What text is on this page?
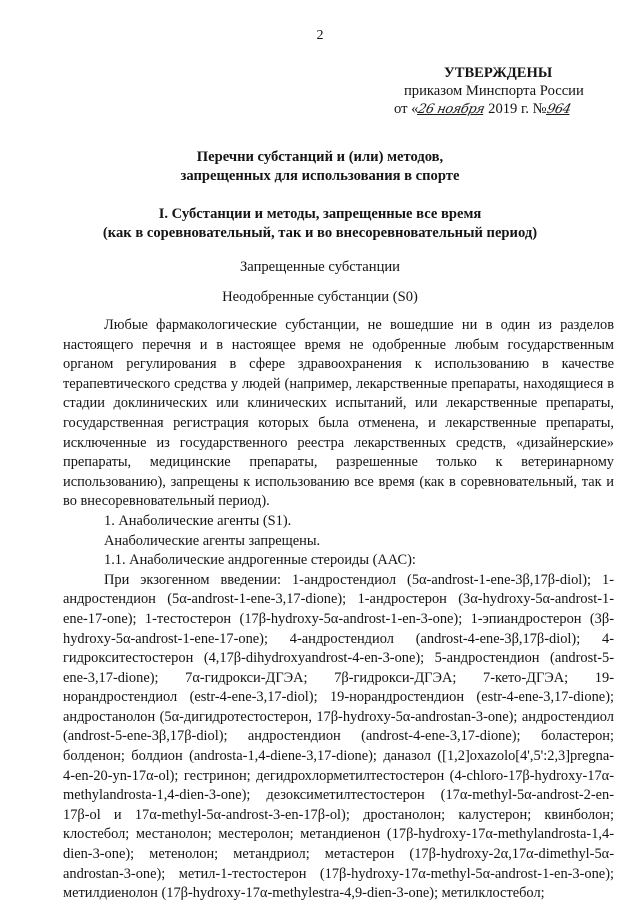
2
УТВЕРЖДЕНЫ
приказом Минспорта России
от «26 ноября 2019 г. №964
Перечни субстанций и (или) методов,
запрещенных для использования в спорте
I. Субстанции и методы, запрещенные все время
(как в соревновательный, так и во внесоревновательный период)
Запрещенные субстанции
Неодобренные субстанции (S0)

Любые фармакологические субстанции, не вошедшие ни в один из разделов настоящего перечня и в настоящее время не одобренные любым государственным органом регулирования в сфере здравоохранения к использованию в качестве терапевтического средства у людей (например, лекарственные препараты, находящиеся в стадии доклинических или клинических испытаний, или лекарственные препараты, государственная регистрация которых была отменена, и лекарственные препараты, исключенные из государственного реестра лекарственных средств, «дизайнерские» препараты, медицинские препараты, разрешенные только к ветеринарному использованию), запрещены к использованию все время (как в соревновательный, так и во внесоревновательный период).

1. Анаболические агенты (S1).

Анаболические агенты запрещены.

1.1. Анаболические андрогенные стероиды (ААС):

При экзогенном введении: 1-андростендиол (5α-androst-1-ene-3β,17β-diol); 1-андростендион (5α-androst-1-ene-3,17-dione); 1-андростерон (3α-hydroxy-5α-androst-1-ene-17-one); 1-тестостерон (17β-hydroxy-5α-androst-1-en-3-one); 1-эпиандростерон (3β-hydroxy-5α-androst-1-ene-17-one); 4-андростендиол (androst-4-ene-3β,17β-diol); 4-гидрокситестостерон (4,17β-dihydroxyandrost-4-en-3-one); 5-андростендион (androst-5-ene-3,17-dione); 7α-гидрокси-ДГЭА; 7β-гидрокси-ДГЭА; 7-кето-ДГЭА; 19-норандростендиол (estr-4-ene-3,17-diol); 19-норандростендион (estr-4-ene-3,17-dione); андростанолон (5α-дигидротестостерон, 17β-hydroxy-5α-androstan-3-one); андростендиол (androst-5-ene-3β,17β-diol); андростендион (androst-4-ene-3,17-dione); боластерон; болденон; болдион (androsta-1,4-diene-3,17-dione); даназол ([1,2]oxazolo[4',5':2,3]pregna-4-en-20-yn-17α-ol); гестринон; дегидрохлорметилтестостерон (4-chloro-17β-hydroxy-17α-methylandrosta-1,4-dien-3-one); дезоксиметилтестостерон (17α-methyl-5α-androst-2-en-17β-ol и 17α-methyl-5α-androst-3-en-17β-ol); дростанолон; калустерон; квинболон; клостебол; местанолон; местеролон; метандиенон (17β-hydroxy-17α-methylandrosta-1,4-dien-3-one); метенолон; метандриол; метастерон (17β-hydroxy-2α,17α-dimethyl-5α-androstan-3-one); метил-1-тестостерон (17β-hydroxy-17α-methyl-5α-androst-1-en-3-one); метилдиенолон (17β-hydroxy-17α-methylestra-4,9-dien-3-one); метилклостебол;
